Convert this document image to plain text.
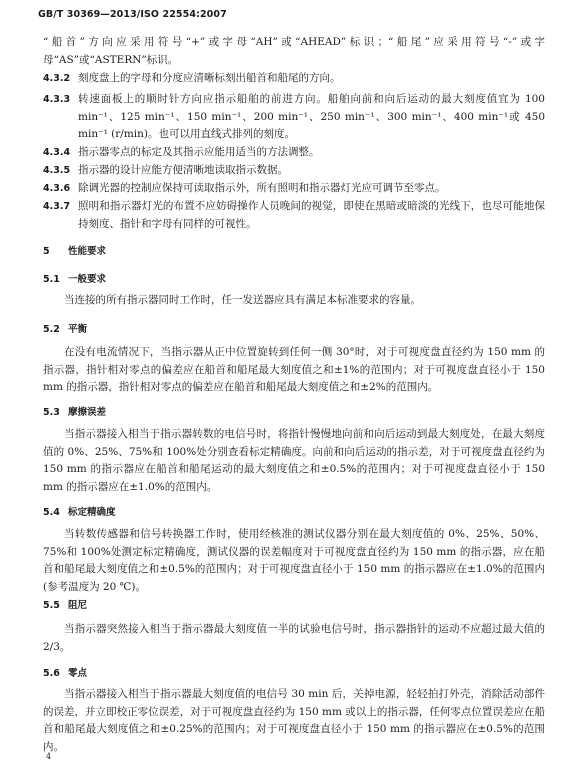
GB/T 30369—2013/ISO 22554:2007
“船首”方向应采用符号“+”或字母“AH”或“AHEAD”标识；“船尾”应采用符号“-”或字母“AS”或“ASTERN”标识。
4.3.2 刻度盘上的字母和分度应清晰标刻出船首和船尾的方向。
4.3.3 转速面板上的顺时针方向应指示船舶的前进方向。船舶向前和向后运动的最大刻度值宜为 100 min⁻¹、125 min⁻¹、150 min⁻¹、200 min⁻¹、250 min⁻¹、300 min⁻¹、400 min⁻¹或 450 min⁻¹ (r/min)。也可以用直线式排列的刻度。
4.3.4 指示器零点的标定及其指示应能用适当的方法调整。
4.3.5 指示器的设计应能方便清晰地读取指示数据。
4.3.6 除调光器的控制应保持可读取指示外，所有照明和指示器灯光应可调节至零点。
4.3.7 照明和指示器灯光的布置不应妨碍操作人员晚间的视觉，即使在黑暗或暗淡的光线下，也尽可能地保持刻度、指针和字母有同样的可视性。
5 性能要求
5.1 一般要求
当连接的所有指示器同时工作时，任一发送器应具有满足本标准要求的容量。
5.2 平衡
在没有电流情况下，当指示器从正中位置旋转到任何一侧 30°时，对于可视度盘直径约为 150 mm 的指示器，指针相对零点的偏差应在船首和船尾最大刻度值之和±1%的范围内；对于可视度盘直径小于 150 mm 的指示器，指针相对零点的偏差应在船首和船尾最大刻度值之和±2%的范围内。
5.3 摩擦误差
当指示器接入相当于指示器转数的电信号时，将指针慢慢地向前和向后运动到最大刻度处，在最大刻度值的 0%、25%、75%和 100%处分别查看标定精确度。向前和向后运动的指示差，对于可视度盘直径约为 150 mm 的指示器应在船首和船尾运动的最大刻度值之和±0.5%的范围内；对于可视度盘直径小于 150 mm 的指示器应在±1.0%的范围内。
5.4 标定精确度
当转数传感器和信号转换器工作时，使用经核准的测试仪器分别在最大刻度值的 0%、25%、50%、75%和 100%处测定标定精确度，测试仪器的误差幅度对于可视度盘直径约为 150 mm 的指示器，应在船首和船尾最大刻度值之和±0.5%的范围内；对于可视度盘直径小于 150 mm 的指示器应在±1.0%的范围内(参考温度为 20 ℃)。
5.5 阻尼
当指示器突然接入相当于指示器最大刻度值一半的试验电信号时，指示器指针的运动不应超过最大值的 2/3。
5.6 零点
当指示器接入相当于指示器最大刻度值的电信号 30 min 后，关掉电源，轻轻拍打外壳，消除活动部件的误差，并立即校正零位误差，对于可视度盘直径约为 150 mm 或以上的指示器，任何零点位置误差应在船首和船尾最大刻度值之和±0.25%的范围内；对于可视度盘直径小于 150 mm 的指示器应在±0.5%的范围内。
4
